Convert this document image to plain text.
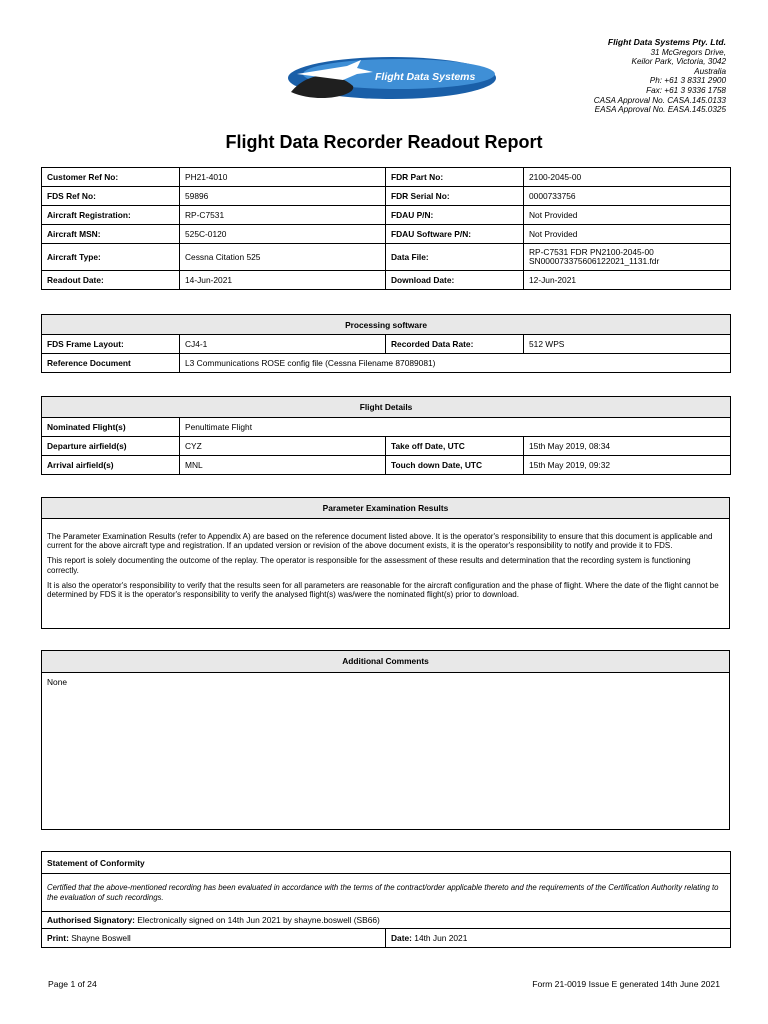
Flight Data Systems Pty. Ltd.
31 McGregors Drive,
Keilor Park, Victoria, 3042
Australia
Ph: +61 3 8331 2900
Fax: +61 3 9336 1758
CASA Approval No. CASA.145.0133
EASA Approval No. EASA.145.0325
Flight Data Systems
Flight Data Recorder Readout Report
Customer Ref No:	PH21-4010	FDR Part No:	2100-2045-00
FDS Ref No:	59896	FDR Serial No:	0000733756
Aircraft Registration:	RP-C7531	FDAU P/N:	Not Provided
Aircraft MSN:	525C-0120	FDAU Software P/N:	Not Provided
Aircraft Type:	Cessna Citation 525	Data File:	RP-C7531 FDR PN2100-2045-00
SN000073375606122021_1131.fdr

Readout Date:	14-Jun-2021	Download Date:	12-Jun-2021
Processing software			
FDS Frame Layout:	CJ4-1	Recorded Data Rate:	512 WPS
Reference Document	L3 Communications ROSE config file (Cessna Filename 87089081)		
Flight Details			
Nominated Flight(s)	Penultimate Flight		
Departure airfield(s)	CYZ	Take off Date, UTC	15th May 2019, 08:34
Arrival airfield(s)	MNL	Touch down Date, UTC	15th May 2019, 09:32
Parameter Examination Results

The Parameter Examination Results (refer to Appendix A) are based on the reference document listed above. It is the operator's responsibility to ensure that this document is applicable and current for the above aircraft type and registration. If an updated version or revision of the above document exists, it is the operator's responsibility to notify and provide it to FDS.

This report is solely documenting the outcome of the replay. The operator is responsible for the assessment of these results and determination that the recording system is functioning correctly.

It is also the operator's responsibility to verify that the results seen for all parameters are reasonable for the aircraft configuration and the phase of flight. Where the date of the flight cannot be determined by FDS it is the operator's responsibility to verify the analysed flight(s) was/were the nominated flight(s) prior to download.

Additional Comments
None
Statement of Conformity
Certified that the above-mentioned recording has been evaluated in accordance with the terms of the contract/order applicable thereto and the requirements of the Certification Authority relating to the evaluation of such recordings.
Authorised Signatory: Electronically signed on 14th Jun 2021 by shayne.boswell (SB66)
Print: Shayne Boswell	Date: 14th Jun 2021
Page 1 of 24	Form 21-0019 Issue E generated 14th June 2021
